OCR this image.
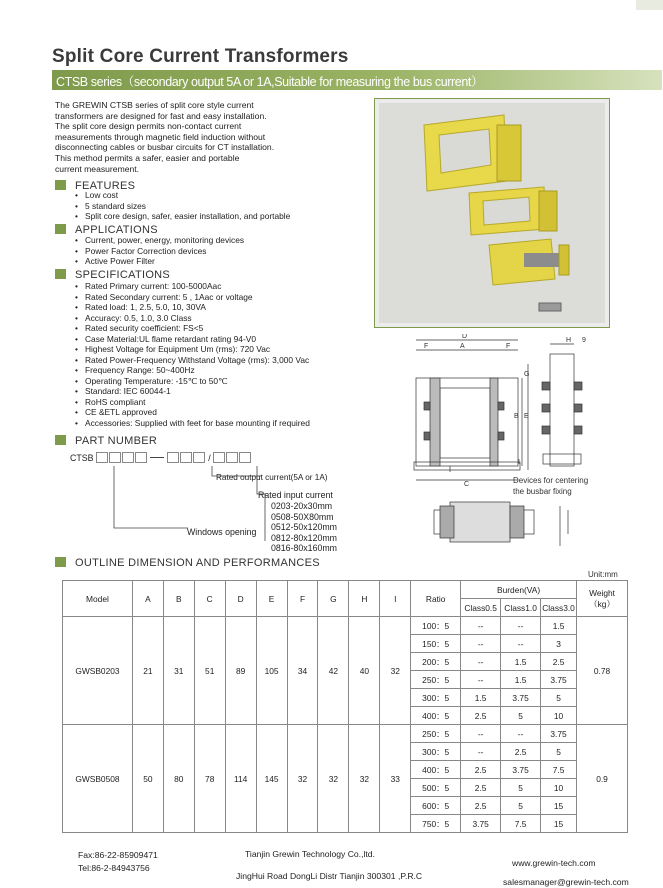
Split Core Current Transformers
CTSB series（secondary output 5A or 1A,Suitable for measuring the bus current）
The GREWIN CTSB series of split core style current
transformers are designed for fast and easy installation.
The split core design permits non-contact current
measurements through magnetic field induction without
disconnecting cables or busbar circuits for CT installation.
This method permits a safer, easier and portable
current measurement.
FEATURES
• Low cost
• 5 standard sizes
• Split core design, safer, easier installation, and portable
APPLICATIONS
• Current, power, energy, monitoring devices
• Power Factor Correction devices
• Active Power Filter
SPECIFICATIONS
• Rated Primary current: 100-5000Aac
• Rated Secondary current: 5 , 1Aac or voltage
• Rated load: 1, 2.5, 5.0, 10, 30VA
• Accuracy: 0.5, 1.0, 3.0 Class
• Rated security coefficient: FS<5
• Case Material:UL flame retardant rating 94-V0
• Highest Voltage for Equipment Um (rms): 720 Vac
• Rated Power-Frequency Withstand Voltage (rms): 3,000 Vac
• Frequency Range: 50~400Hz
• Operating Temperature: -15℃ to 50℃
• Standard: IEC 60044-1
• RoHS compliant
• CE &ETL approved
• Accessories: Supplied with feet for base mounting if required
PART NUMBER
CTSB	/
Rated output current(5A or 1A)
Rated input current
Windows opening
0203-20x30mm
0508-50X80mm
0512-50x120mm
0812-80x120mm
0816-80x160mm
D
F	A	F
G
E
B
I
C
H 9
Devices for centering
the busbar fixing
OUTLINE DIMENSION AND PERFORMANCES
Unit:mm
Model	A	B	C	D	E	F	G	H	I	Ratio	Burden(VA)			Weight
（kg）

											Class0.5	Class1.0	Class3.0	
GWSB0203	21	31	51	89	105	34	42	40	32	100：5	--	--	1.5	0.78
										150：5	--	--	3	
										200：5	--	1.5	2.5	
										250：5	--	1.5	3.75	
										300：5	1.5	3.75	5	
										400：5	2.5	5	10	
GWSB0508	50	80	78	114	145	32	32	32	33	250：5	--	--	3.75	0.9
										300：5	--	2.5	5	
										400：5	2.5	3.75	7.5	
										500：5	2.5	5	10	
										600：5	2.5	5	15	
										750：5	3.75	7.5	15	
Fax:86-22-85909471
Tel:86-2-84943756
Tianjin Grewin Technology Co.,ltd.
JingHui Road DongLi Distr Tianjin 300301 ,P.R.C
www.grewin-tech.com
salesmanager@grewin-tech.com
